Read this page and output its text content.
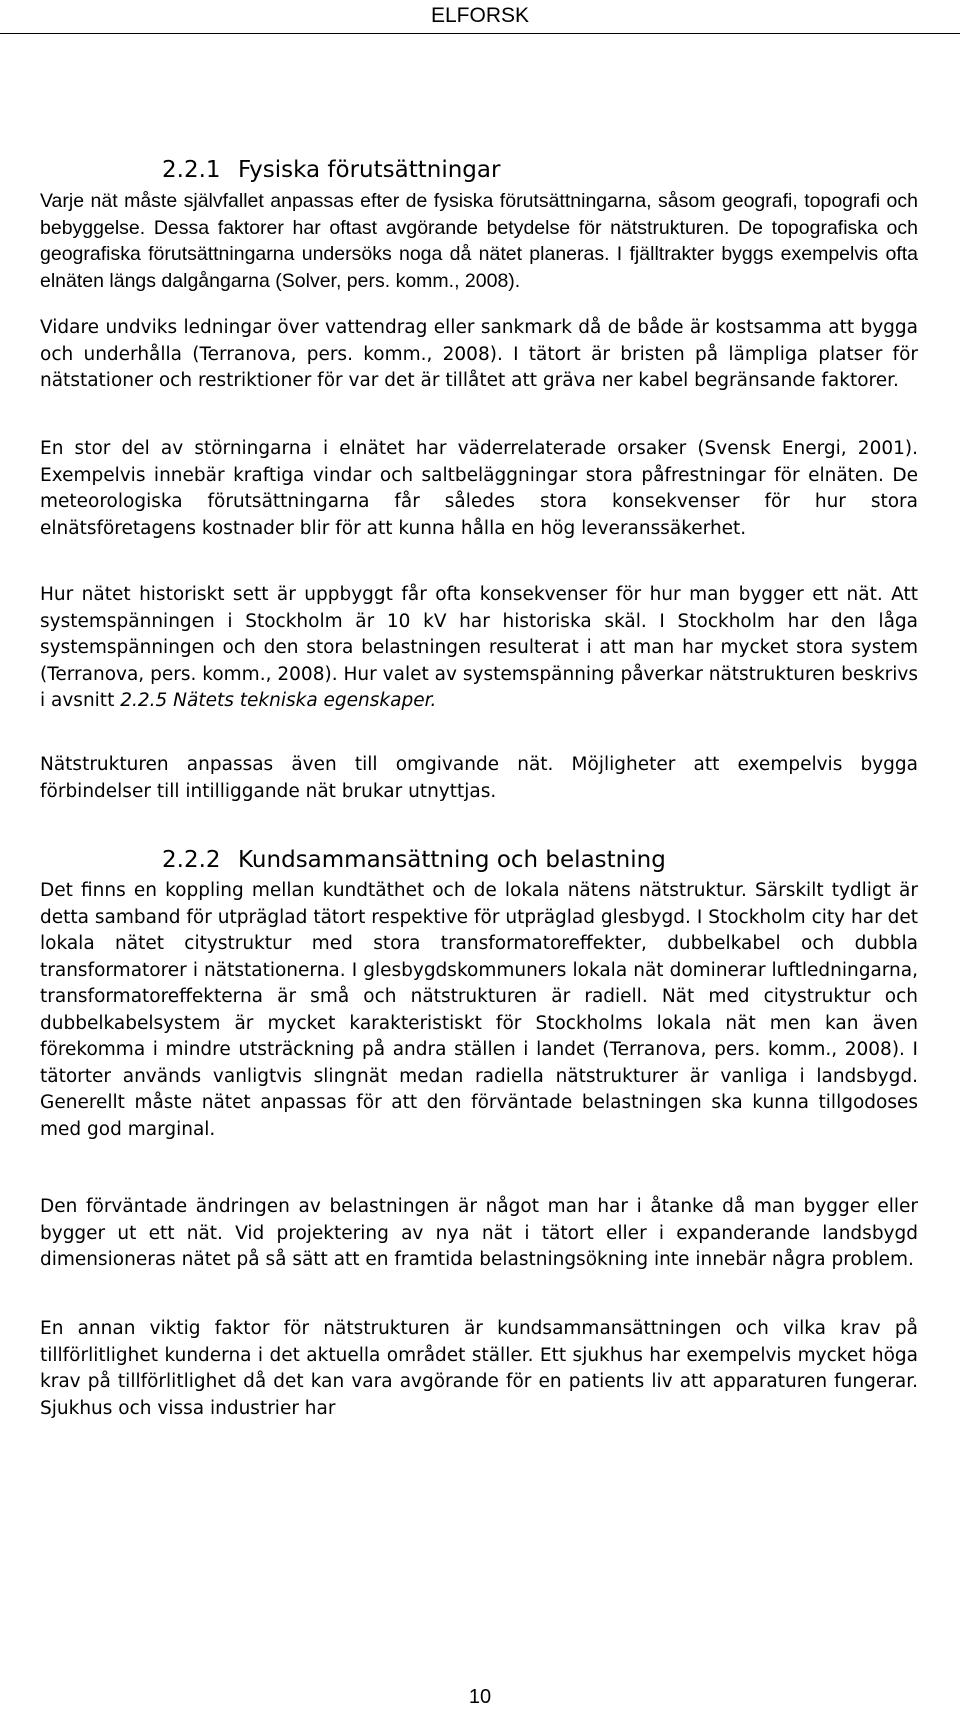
ELFORSK
2.2.1 Fysiska förutsättningar

Varje nät måste självfallet anpassas efter de fysiska förutsättningarna, såsom geografi, topografi och bebyggelse. Dessa faktorer har oftast avgörande betydelse för nätstrukturen. De topografiska och geografiska förutsättningarna undersöks noga då nätet planeras. I fjälltrakter byggs exempelvis ofta elnäten längs dalgångarna (Solver, pers. komm., 2008).

Vidare undviks ledningar över vattendrag eller sankmark då de både är kostsamma att bygga och underhålla (Terranova, pers. komm., 2008). I tätort är bristen på lämpliga platser för nätstationer och restriktioner för var det är tillåtet att gräva ner kabel begränsande faktorer.

En stor del av störningarna i elnätet har väderrelaterade orsaker (Svensk Energi, 2001). Exempelvis innebär kraftiga vindar och saltbeläggningar stora påfrestningar för elnäten. De meteorologiska förutsättningarna får således stora konsekvenser för hur stora elnätsföretagens kostnader blir för att kunna hålla en hög leveranssäkerhet.

Hur nätet historiskt sett är uppbyggt får ofta konsekvenser för hur man bygger ett nät. Att systemspänningen i Stockholm är 10 kV har historiska skäl. I Stockholm har den låga systemspänningen och den stora belastningen resulterat i att man har mycket stora system (Terranova, pers. komm., 2008). Hur valet av systemspänning påverkar nätstrukturen beskrivs i avsnitt 2.2.5 Nätets tekniska egenskaper.

Nätstrukturen anpassas även till omgivande nät. Möjligheter att exempelvis bygga förbindelser till intilliggande nät brukar utnyttjas.

2.2.2 Kundsammansättning och belastning

Det finns en koppling mellan kundtäthet och de lokala nätens nätstruktur. Särskilt tydligt är detta samband för utpräglad tätort respektive för utpräglad glesbygd. I Stockholm city har det lokala nätet citystruktur med stora transformatoreffekter, dubbelkabel och dubbla transformatorer i nätstationerna. I glesbygdskommuners lokala nät dominerar luftledningarna, transformatoreffekterna är små och nätstrukturen är radiell. Nät med citystruktur och dubbelkabelsystem är mycket karakteristiskt för Stockholms lokala nät men kan även förekomma i mindre utsträckning på andra ställen i landet (Terranova, pers. komm., 2008). I tätorter används vanligtvis slingnät medan radiella nätstrukturer är vanliga i landsbygd. Generellt måste nätet anpassas för att den förväntade belastningen ska kunna tillgodoses med god marginal.

Den förväntade ändringen av belastningen är något man har i åtanke då man bygger eller bygger ut ett nät. Vid projektering av nya nät i tätort eller i expanderande landsbygd dimensioneras nätet på så sätt att en framtida belastningsökning inte innebär några problem.

En annan viktig faktor för nätstrukturen är kundsammansättningen och vilka krav på tillförlitlighet kunderna i det aktuella området ställer. Ett sjukhus har exempelvis mycket höga krav på tillförlitlighet då det kan vara avgörande för en patients liv att apparaturen fungerar. Sjukhus och vissa industrier har

10
